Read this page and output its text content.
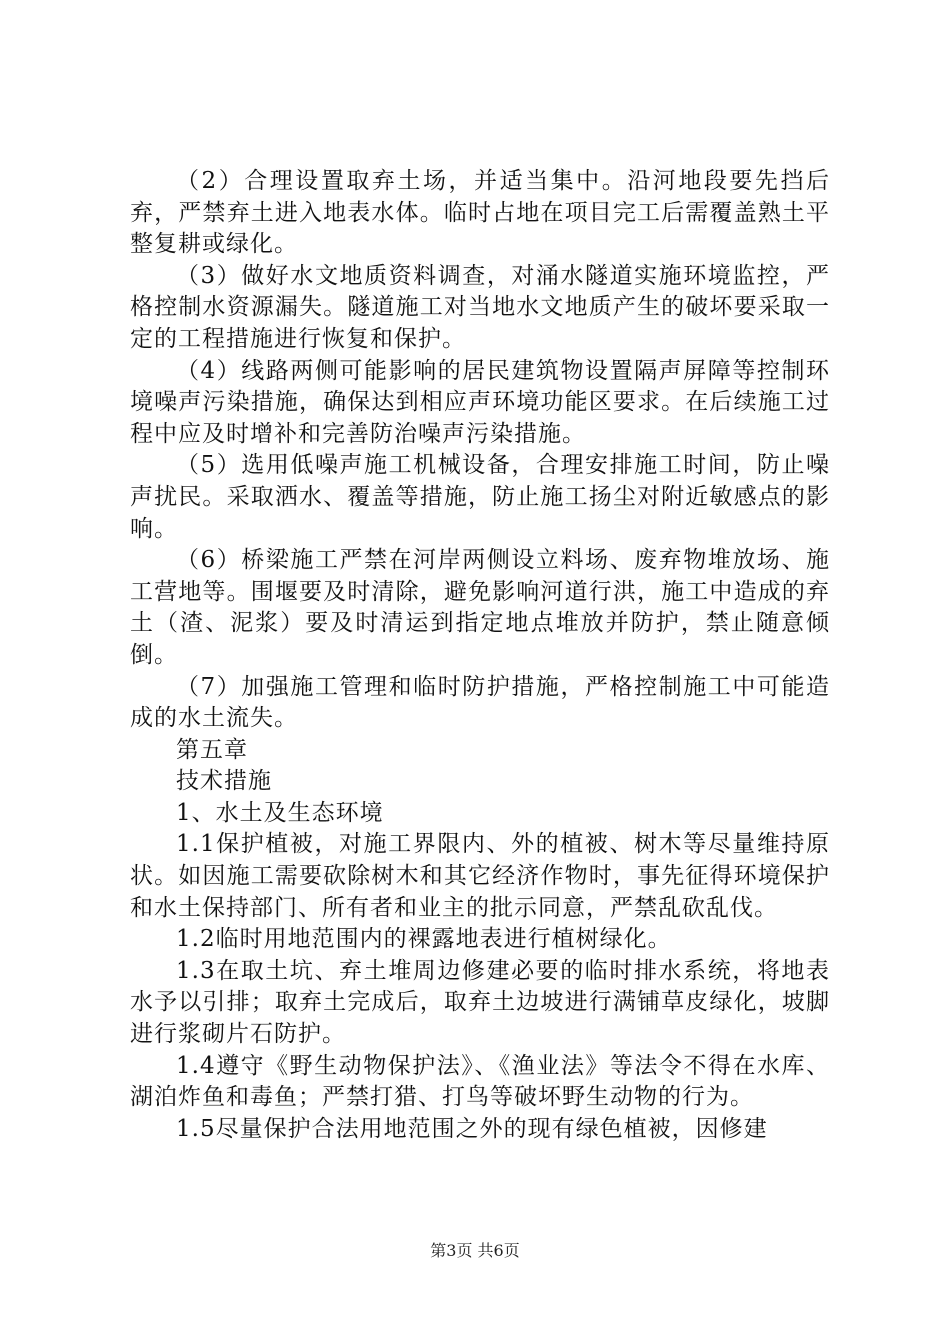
（2）合理设置取弃土场，并适当集中。沿河地段要先挡后弃，严禁弃土进入地表水体。临时占地在项目完工后需覆盖熟土平整复耕或绿化。

（3）做好水文地质资料调查，对涌水隧道实施环境监控，严格控制水资源漏失。隧道施工对当地水文地质产生的破坏要采取一定的工程措施进行恢复和保护。

（4）线路两侧可能影响的居民建筑物设置隔声屏障等控制环境噪声污染措施，确保达到相应声环境功能区要求。在后续施工过程中应及时增补和完善防治噪声污染措施。

（5）选用低噪声施工机械设备，合理安排施工时间，防止噪声扰民。采取洒水、覆盖等措施，防止施工扬尘对附近敏感点的影响。

（6）桥梁施工严禁在河岸两侧设立料场、废弃物堆放场、施工营地等。围堰要及时清除，避免影响河道行洪，施工中造成的弃土（渣、泥浆）要及时清运到指定地点堆放并防护，禁止随意倾倒。

（7）加强施工管理和临时防护措施，严格控制施工中可能造成的水土流失。

第五章

技术措施

1、水土及生态环境

1.1保护植被，对施工界限内、外的植被、树木等尽量维持原状。如因施工需要砍除树木和其它经济作物时，事先征得环境保护和水土保持部门、所有者和业主的批示同意，严禁乱砍乱伐。

1.2临时用地范围内的裸露地表进行植树绿化。

1.3在取土坑、弃土堆周边修建必要的临时排水系统，将地表水予以引排；取弃土完成后，取弃土边坡进行满铺草皮绿化，坡脚进行浆砌片石防护。

1.4遵守《野生动物保护法》、《渔业法》等法令不得在水库、湖泊炸鱼和毒鱼；严禁打猎、打鸟等破坏野生动物的行为。

1.5尽量保护合法用地范围之外的现有绿色植被，因修建

第3页 共6页
